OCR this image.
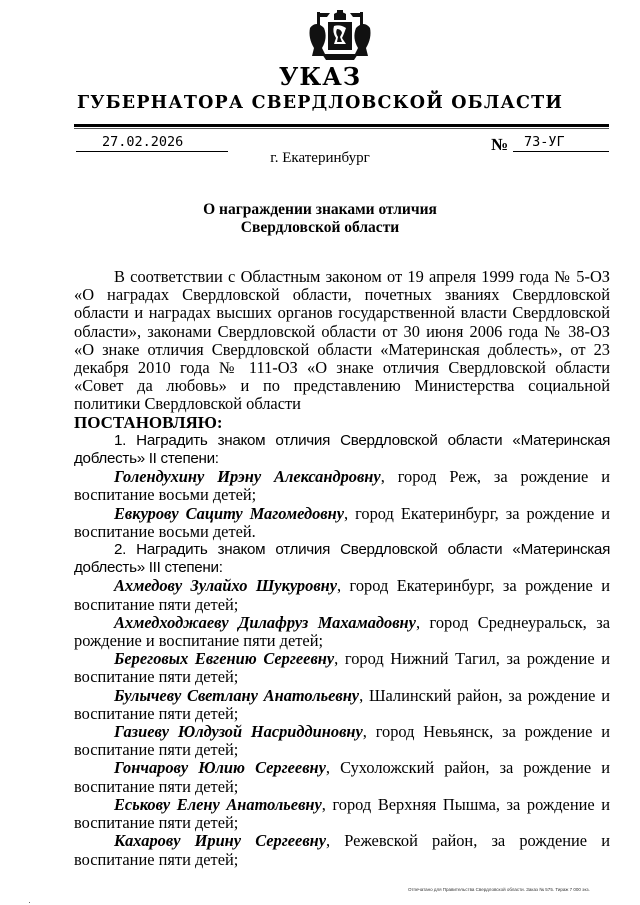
УКАЗ
ГУБЕРНАТОРА СВЕРДЛОВСКОЙ ОБЛАСТИ
27.02.2026	№ 73-УГ
г. Екатеринбург
О награждении знаками отличия
Свердловской области

В соответствии с Областным законом от 19 апреля 1999 года № 5-ОЗ «О наградах Свердловской области, почетных званиях Свердловской области и наградах высших органов государственной власти Свердловской области», законами Свердловской области от 30 июня 2006 года № 38-ОЗ «О знаке отличия Свердловской области «Материнская доблесть», от 23 декабря 2010 года № 111-ОЗ «О знаке отличия Свердловской области «Совет да любовь» и по представлению Министерства социальной политики Свердловской области

ПОСТАНОВЛЯЮ:

1. Наградить знаком отличия Свердловской области «Материнская доблесть» II степени:

Голендухину Ирэну Александровну, город Реж, за рождение и воспитание восьми детей;

Евкурову Сациту Магомедовну, город Екатеринбург, за рождение и воспитание восьми детей.

2. Наградить знаком отличия Свердловской области «Материнская доблесть» III степени:

Ахмедову Зулайхо Шукуровну, город Екатеринбург, за рождение и воспитание пяти детей;

Ахмедходжаеву Дилафруз Махамадовну, город Среднеуральск, за рождение и воспитание пяти детей;

Береговых Евгению Сергеевну, город Нижний Тагил, за рождение и воспитание пяти детей;

Булычеву Светлану Анатольевну, Шалинский район, за рождение и воспитание пяти детей;

Газиеву Юлдузой Насриддиновну, город Невьянск, за рождение и воспитание пяти детей;

Гончарову Юлию Сергеевну, Сухоложский район, за рождение и воспитание пяти детей;

Еськову Елену Анатольевну, город Верхняя Пышма, за рождение и воспитание пяти детей;

Кахарову Ирину Сергеевну, Режевской район, за рождение и воспитание пяти детей;

Отпечатано для Правительства Свердловской области. Заказ № 575. Тираж 7 000 экз.
